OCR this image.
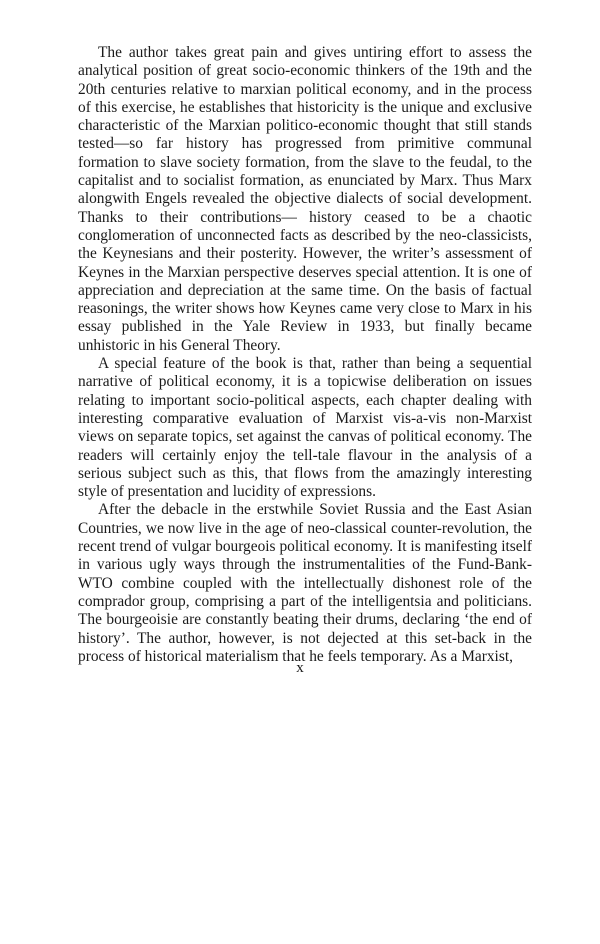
The author takes great pain and gives untiring effort to assess the analytical position of great socio-economic thinkers of the 19th and the 20th centuries relative to marxian political economy, and in the process of this exercise, he establishes that historicity is the unique and exclusive characteristic of the Marxian politico-economic thought that still stands tested—so far history has progressed from primitive communal formation to slave society formation, from the slave to the feudal, to the capitalist and to socialist formation, as enunciated by Marx. Thus Marx alongwith Engels revealed the objective dialects of social development. Thanks to their contributions— history ceased to be a chaotic conglomeration of unconnected facts as described by the neo-classicists, the Keynesians and their posterity. However, the writer’s assessment of Keynes in the Marxian perspective deserves special attention. It is one of appreciation and depreciation at the same time. On the basis of factual reasonings, the writer shows how Keynes came very close to Marx in his essay published in the Yale Review in 1933, but finally became unhistoric in his General Theory.

A special feature of the book is that, rather than being a sequential narrative of political economy, it is a topicwise deliberation on issues relating to important socio-political aspects, each chapter dealing with interesting comparative evaluation of Marxist vis-a-vis non-Marxist views on separate topics, set against the canvas of political economy. The readers will certainly enjoy the tell-tale flavour in the analysis of a serious subject such as this, that flows from the amazingly interesting style of presentation and lucidity of expressions.

After the debacle in the erstwhile Soviet Russia and the East Asian Countries, we now live in the age of neo-classical counter-revolution, the recent trend of vulgar bourgeois political economy. It is manifesting itself in various ugly ways through the instrumentalities of the Fund-Bank-WTO combine coupled with the intellectually dishonest role of the comprador group, comprising a part of the intelligentsia and politicians. The bourgeoisie are constantly beating their drums, declaring ‘the end of history’. The author, however, is not dejected at this set-back in the process of historical materialism that he feels temporary. As a Marxist,

x
